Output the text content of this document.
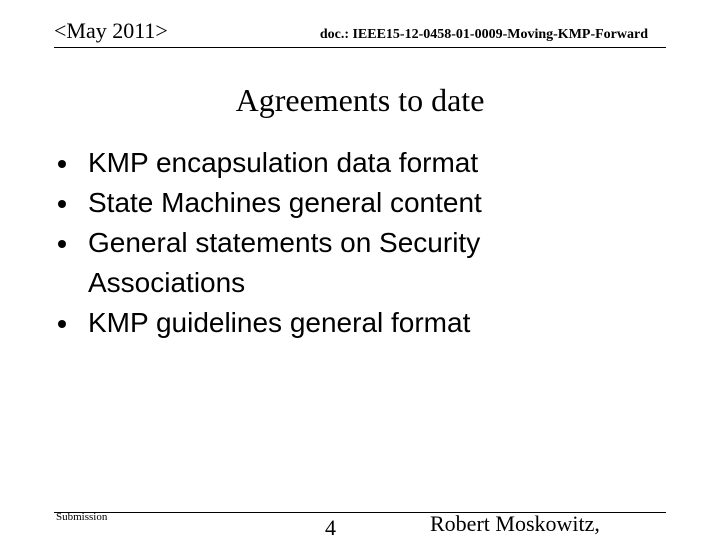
<May 2011>	doc.: IEEE15-12-0458-01-0009-Moving-KMP-Forward
Agreements to date
KMP encapsulation data format
State Machines general content
General statements on Security Associations
KMP guidelines general format
Submission	4	Robert Moskowitz,
